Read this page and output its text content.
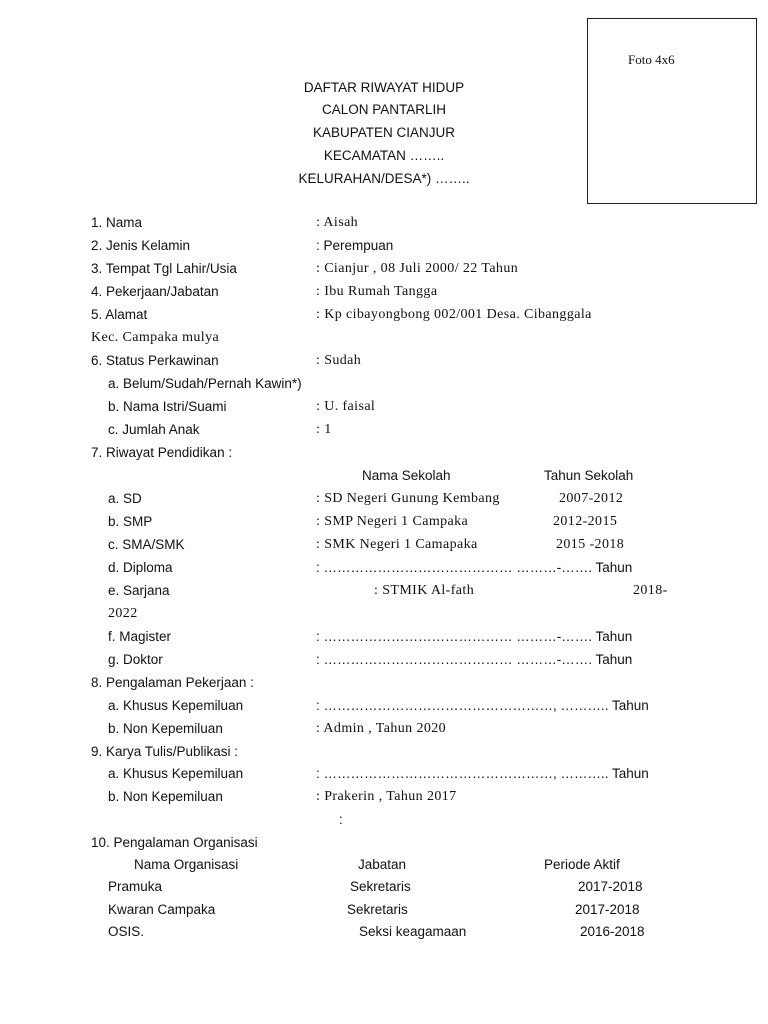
Foto 4x6
DAFTAR RIWAYAT HIDUP
CALON PANTARLIH
KABUPATEN CIANJUR
KECAMATAN ……..
KELURAHAN/DESA*) ……..
1. Nama	: Aisah
2. Jenis Kelamin	: Perempuan
3. Tempat Tgl Lahir/Usia	: Cianjur , 08 Juli 2000/ 22 Tahun
4. Pekerjaan/Jabatan	: Ibu Rumah Tangga
5. Alamat	: Kp cibayongbong 002/001 Desa. Cibanggala
Kec. Campaka mulya
6. Status Perkawinan	: Sudah
a. Belum/Sudah/Pernah Kawin*)
b. Nama Istri/Suami	: U. faisal
c. Jumlah Anak	: 1
7. Riwayat Pendidikan :
Nama Sekolah	Tahun Sekolah
a. SD	: SD Negeri Gunung Kembang	2007-2012
b. SMP	: SMP Negeri 1 Campaka	2012-2015
c. SMA/SMK	: SMK Negeri 1 Camapaka	2015 -2018
d. Diploma	: …………………………………… ………-……. Tahun
e. Sarjana	: STMIK Al-fath	2018-
2022
f. Magister	: …………………………………… ………-……. Tahun
g. Doktor	: …………………………………… ………-……. Tahun
8. Pengalaman Pekerjaan :
a. Khusus Kepemiluan	: ……………………………………………, ……….. Tahun
b. Non Kepemiluan	: Admin , Tahun 2020
9. Karya Tulis/Publikasi :
a. Khusus Kepemiluan	: ……………………………………………, ……….. Tahun
b. Non Kepemiluan	: Prakerin , Tahun 2017
:
10. Pengalaman Organisasi
Nama Organisasi	Jabatan	Periode Aktif
Pramuka	Sekretaris	2017-2018
Kwaran Campaka	Sekretaris	2017-2018
OSIS.	Seksi keagamaan	2016-2018
